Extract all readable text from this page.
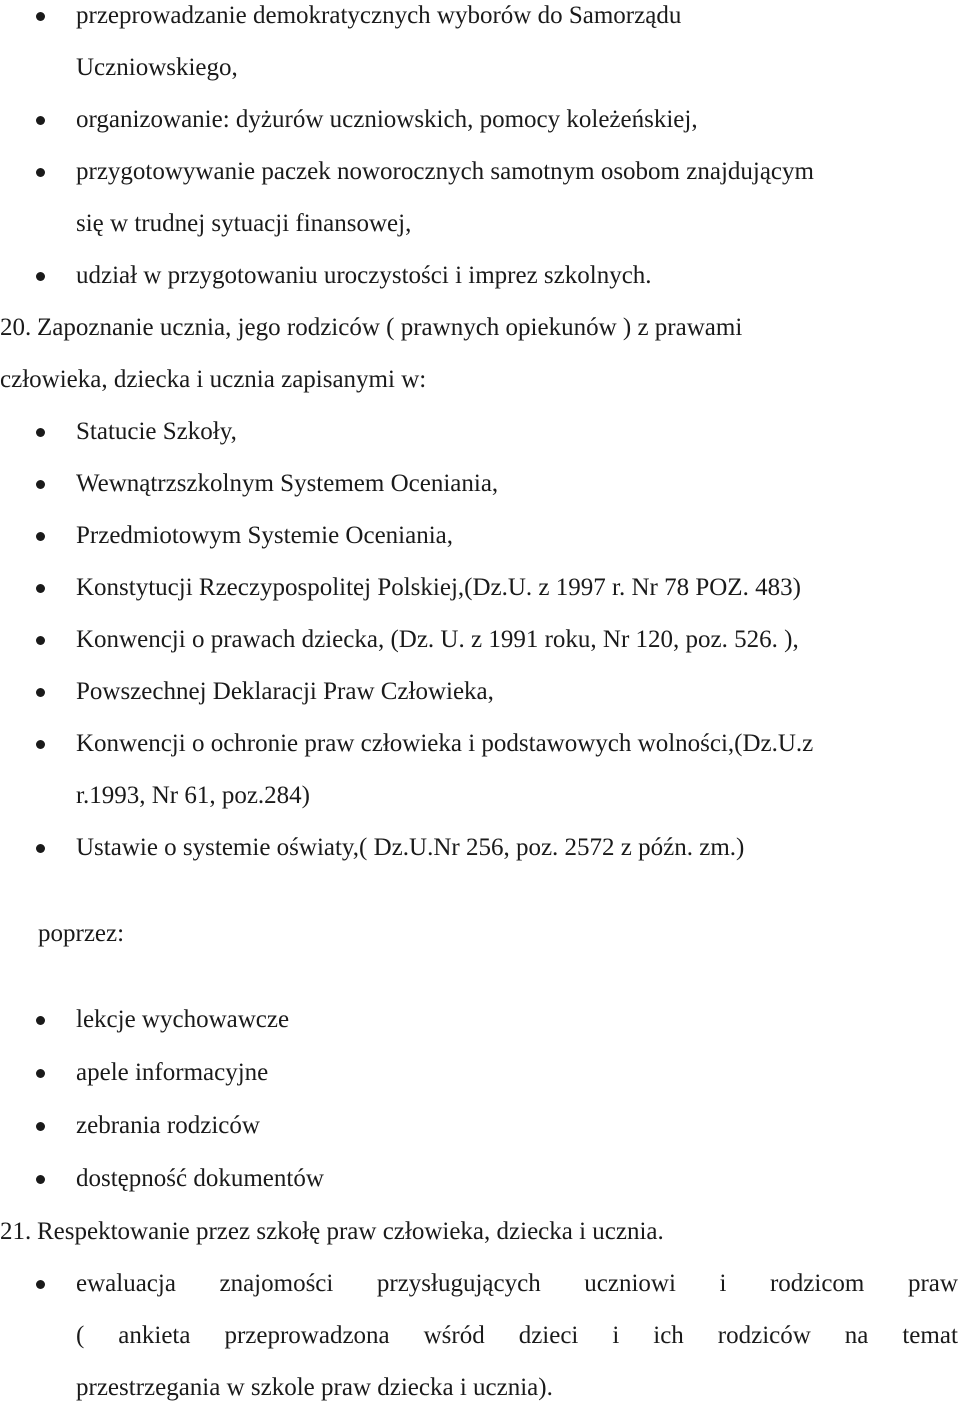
przeprowadzanie demokratycznych wyborów do Samorządu
Uczniowskiego,
organizowanie: dyżurów uczniowskich, pomocy koleżeńskiej,
przygotowywanie paczek noworocznych samotnym osobom znajdującym
się w trudnej sytuacji finansowej,
udział w przygotowaniu uroczystości i imprez szkolnych.
20. Zapoznanie ucznia, jego rodziców ( prawnych opiekunów ) z prawami
człowieka, dziecka i ucznia zapisanymi w:
Statucie Szkoły,
Wewnątrzszkolnym Systemem Oceniania,
Przedmiotowym Systemie Oceniania,
Konstytucji Rzeczypospolitej Polskiej,(Dz.U. z 1997 r. Nr 78 POZ. 483)
Konwencji o prawach dziecka, (Dz. U. z 1991 roku, Nr 120, poz. 526. ),
Powszechnej Deklaracji Praw Człowieka,
Konwencji o ochronie praw człowieka i podstawowych wolności,(Dz.U.z
r.1993, Nr 61, poz.284)
Ustawie o systemie oświaty,( Dz.U.Nr 256, poz. 2572 z późn. zm.)
poprzez:
lekcje wychowawcze
apele informacyjne
zebrania rodziców
dostępność dokumentów
21. Respektowanie przez szkołę praw człowieka, dziecka i ucznia.
ewaluacja znajomości przysługujących uczniowi i rodzicom praw
( ankieta przeprowadzona wśród dzieci i ich rodziców na temat
przestrzegania w szkole praw dziecka i ucznia).
